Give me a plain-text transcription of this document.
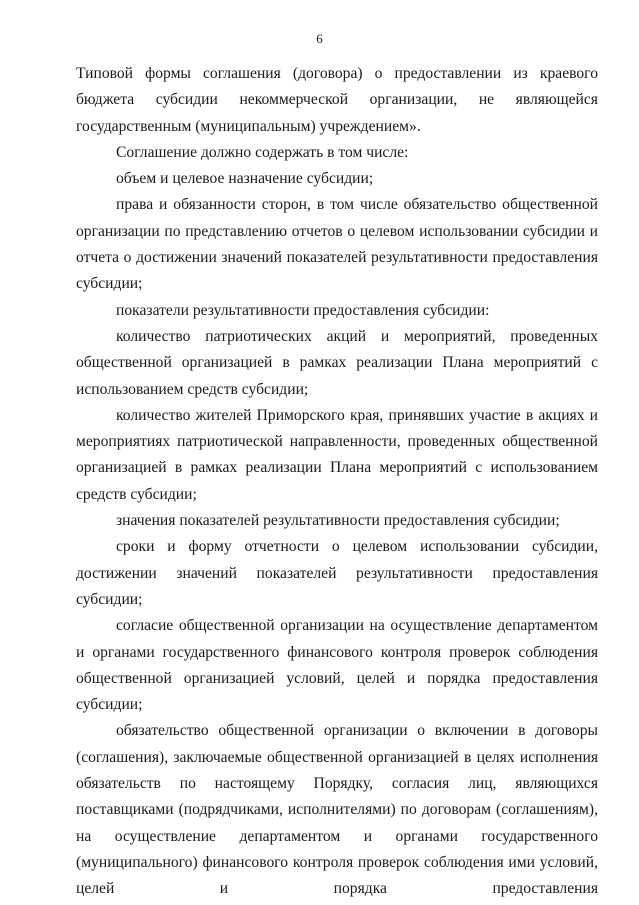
6

Типовой формы соглашения (договора) о предоставлении из краевого бюджета субсидии некоммерческой организации, не являющейся государственным (муниципальным) учреждением».

Соглашение должно содержать в том числе:

объем и целевое назначение субсидии;

права и обязанности сторон, в том числе обязательство общественной организации по представлению отчетов о целевом использовании субсидии и отчета о достижении значений показателей результативности предоставления субсидии;

показатели результативности предоставления субсидии:

количество патриотических акций и мероприятий, проведенных общественной организацией в рамках реализации Плана мероприятий с использованием средств субсидии;

количество жителей Приморского края, принявших участие в акциях и мероприятиях патриотической направленности, проведенных общественной организацией в рамках реализации Плана мероприятий с использованием средств субсидии;

значения показателей результативности предоставления субсидии;

сроки и форму отчетности о целевом использовании субсидии, достижении значений показателей результативности предоставления субсидии;

согласие общественной организации на осуществление департаментом и органами государственного финансового контроля проверок соблюдения общественной организацией условий, целей и порядка предоставления субсидии;

обязательство общественной организации о включении в договоры (соглашения), заключаемые общественной организацией в целях исполнения обязательств по настоящему Порядку, согласия лиц, являющихся поставщиками (подрядчиками, исполнителями) по договорам (соглашениям), на осуществление департаментом и органами государственного (муниципального) финансового контроля проверок соблюдения ими условий, целей и порядка предоставления
